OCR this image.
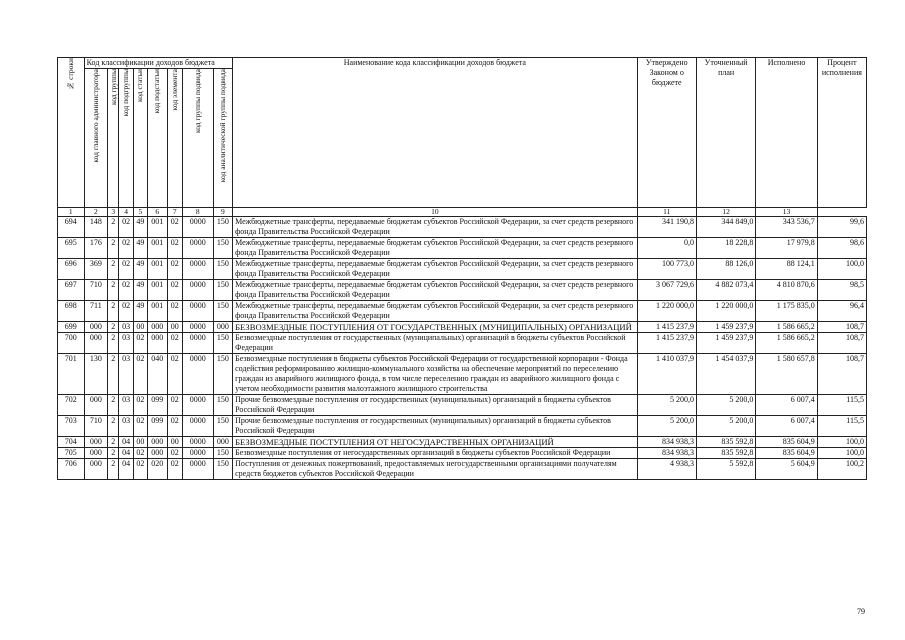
№ строки	Код классификации доходов бюджета								Наименование кода классификации доходов бюджета	Утверждено Законом о бюджете	Уточненный план	Исполнено	Процент исполнения
	код главного администратора	код группы	код подгруппы	код статьи	код подстатьи	код элемента	код группы подвида	код аналитической группы подвида					
1	2	3	4	5	6	7	8	9	10	11	12	13	
694	148	2	02	49	001	02	0000	150	Межбюджетные трансферты, передаваемые бюджетам субъектов Российской Федерации, за счет средств резервного фонда Правительства Российской Федерации	341 190,8	344 849,0	343 536,7	99,6
695	176	2	02	49	001	02	0000	150	Межбюджетные трансферты, передаваемые бюджетам субъектов Российской Федерации, за счет средств резервного фонда Правительства Российской Федерации	0,0	18 228,8	17 979,8	98,6
696	369	2	02	49	001	02	0000	150	Межбюджетные трансферты, передаваемые бюджетам субъектов Российской Федерации, за счет средств резервного фонда Правительства Российской Федерации	100 773,0	88 126,0	88 124,1	100,0
697	710	2	02	49	001	02	0000	150	Межбюджетные трансферты, передаваемые бюджетам субъектов Российской Федерации, за счет средств резервного фонда Правительства Российской Федерации	3 067 729,6	4 882 073,4	4 810 870,6	98,5
698	711	2	02	49	001	02	0000	150	Межбюджетные трансферты, передаваемые бюджетам субъектов Российской Федерации, за счет средств резервного фонда Правительства Российской Федерации	1 220 000,0	1 220 000,0	1 175 835,0	96,4
699	000	2	03	00	000	00	0000	000	БЕЗВОЗМЕЗДНЫЕ ПОСТУПЛЕНИЯ ОТ ГОСУДАРСТВЕННЫХ (МУНИЦИПАЛЬНЫХ) ОРГАНИЗАЦИЙ	1 415 237,9	1 459 237,9	1 586 665,2	108,7
700	000	2	03	02	000	02	0000	150	Безвозмездные поступления от государственных (муниципальных) организаций в бюджеты субъектов Российской Федерации	1 415 237,9	1 459 237,9	1 586 665,2	108,7
701	130	2	03	02	040	02	0000	150	Безвозмездные поступления в бюджеты субъектов Российской Федерации от государственной корпорации - Фонда содействия реформированию жилищно-коммунального хозяйства на обеспечение мероприятий по переселению граждан из аварийного жилищного фонда, в том числе переселению граждан из аварийного жилищного фонда с учетом необходимости развития малоэтажного жилищного строительства	1 410 037,9	1 454 037,9	1 580 657,8	108,7
702	000	2	03	02	099	02	0000	150	Прочие безвозмездные поступления от государственных (муниципальных) организаций в бюджеты субъектов Российской Федерации	5 200,0	5 200,0	6 007,4	115,5
703	710	2	03	02	099	02	0000	150	Прочие безвозмездные поступления от государственных (муниципальных) организаций в бюджеты субъектов Российской Федерации	5 200,0	5 200,0	6 007,4	115,5
704	000	2	04	00	000	00	0000	000	БЕЗВОЗМЕЗДНЫЕ ПОСТУПЛЕНИЯ ОТ НЕГОСУДАРСТВЕННЫХ ОРГАНИЗАЦИЙ	834 938,3	835 592,8	835 604,9	100,0
705	000	2	04	02	000	02	0000	150	Безвозмездные поступления от негосударственных организаций в бюджеты субъектов Российской Федерации	834 938,3	835 592,8	835 604,9	100,0
706	000	2	04	02	020	02	0000	150	Поступления от денежных пожертвований, предоставляемых негосударственными организациями получателям средств бюджетов субъектов Российской Федерации	4 938,3	5 592,8	5 604,9	100,2
79
